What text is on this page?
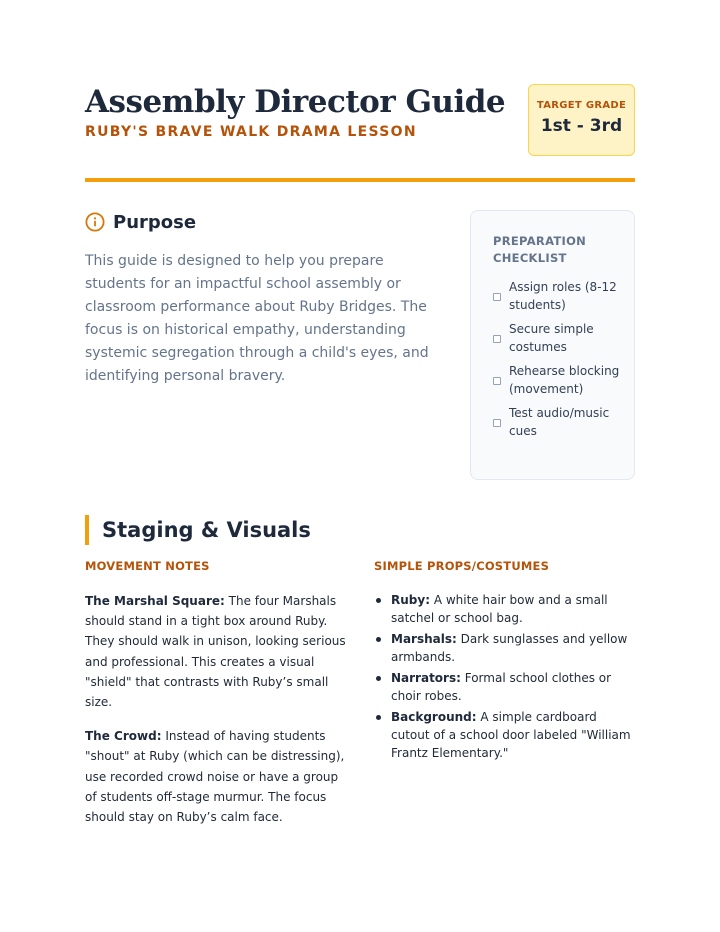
Assembly Director Guide
RUBY'S BRAVE WALK DRAMA LESSON
TARGET GRADE
1st - 3rd
Purpose

This guide is designed to help you prepare students for an impactful school assembly or classroom performance about Ruby Bridges. The focus is on historical empathy, understanding systemic segregation through a child's eyes, and identifying personal bravery.

PREPARATION CHECKLIST
Assign roles (8-12 students)
Secure simple costumes
Rehearse blocking (movement)
Test audio/music cues
Staging & Visuals
MOVEMENT NOTES

The Marshal Square: The four Marshals should stand in a tight box around Ruby. They should walk in unison, looking serious and professional. This creates a visual "shield" that contrasts with Ruby’s small size.

The Crowd: Instead of having students "shout" at Ruby (which can be distressing), use recorded crowd noise or have a group of students off-stage murmur. The focus should stay on Ruby’s calm face.

SIMPLE PROPS/COSTUMES
Ruby: A white hair bow and a small satchel or school bag.
Marshals: Dark sunglasses and yellow armbands.
Narrators: Formal school clothes or choir robes.
Background: A simple cardboard cutout of a school door labeled "William Frantz Elementary."
